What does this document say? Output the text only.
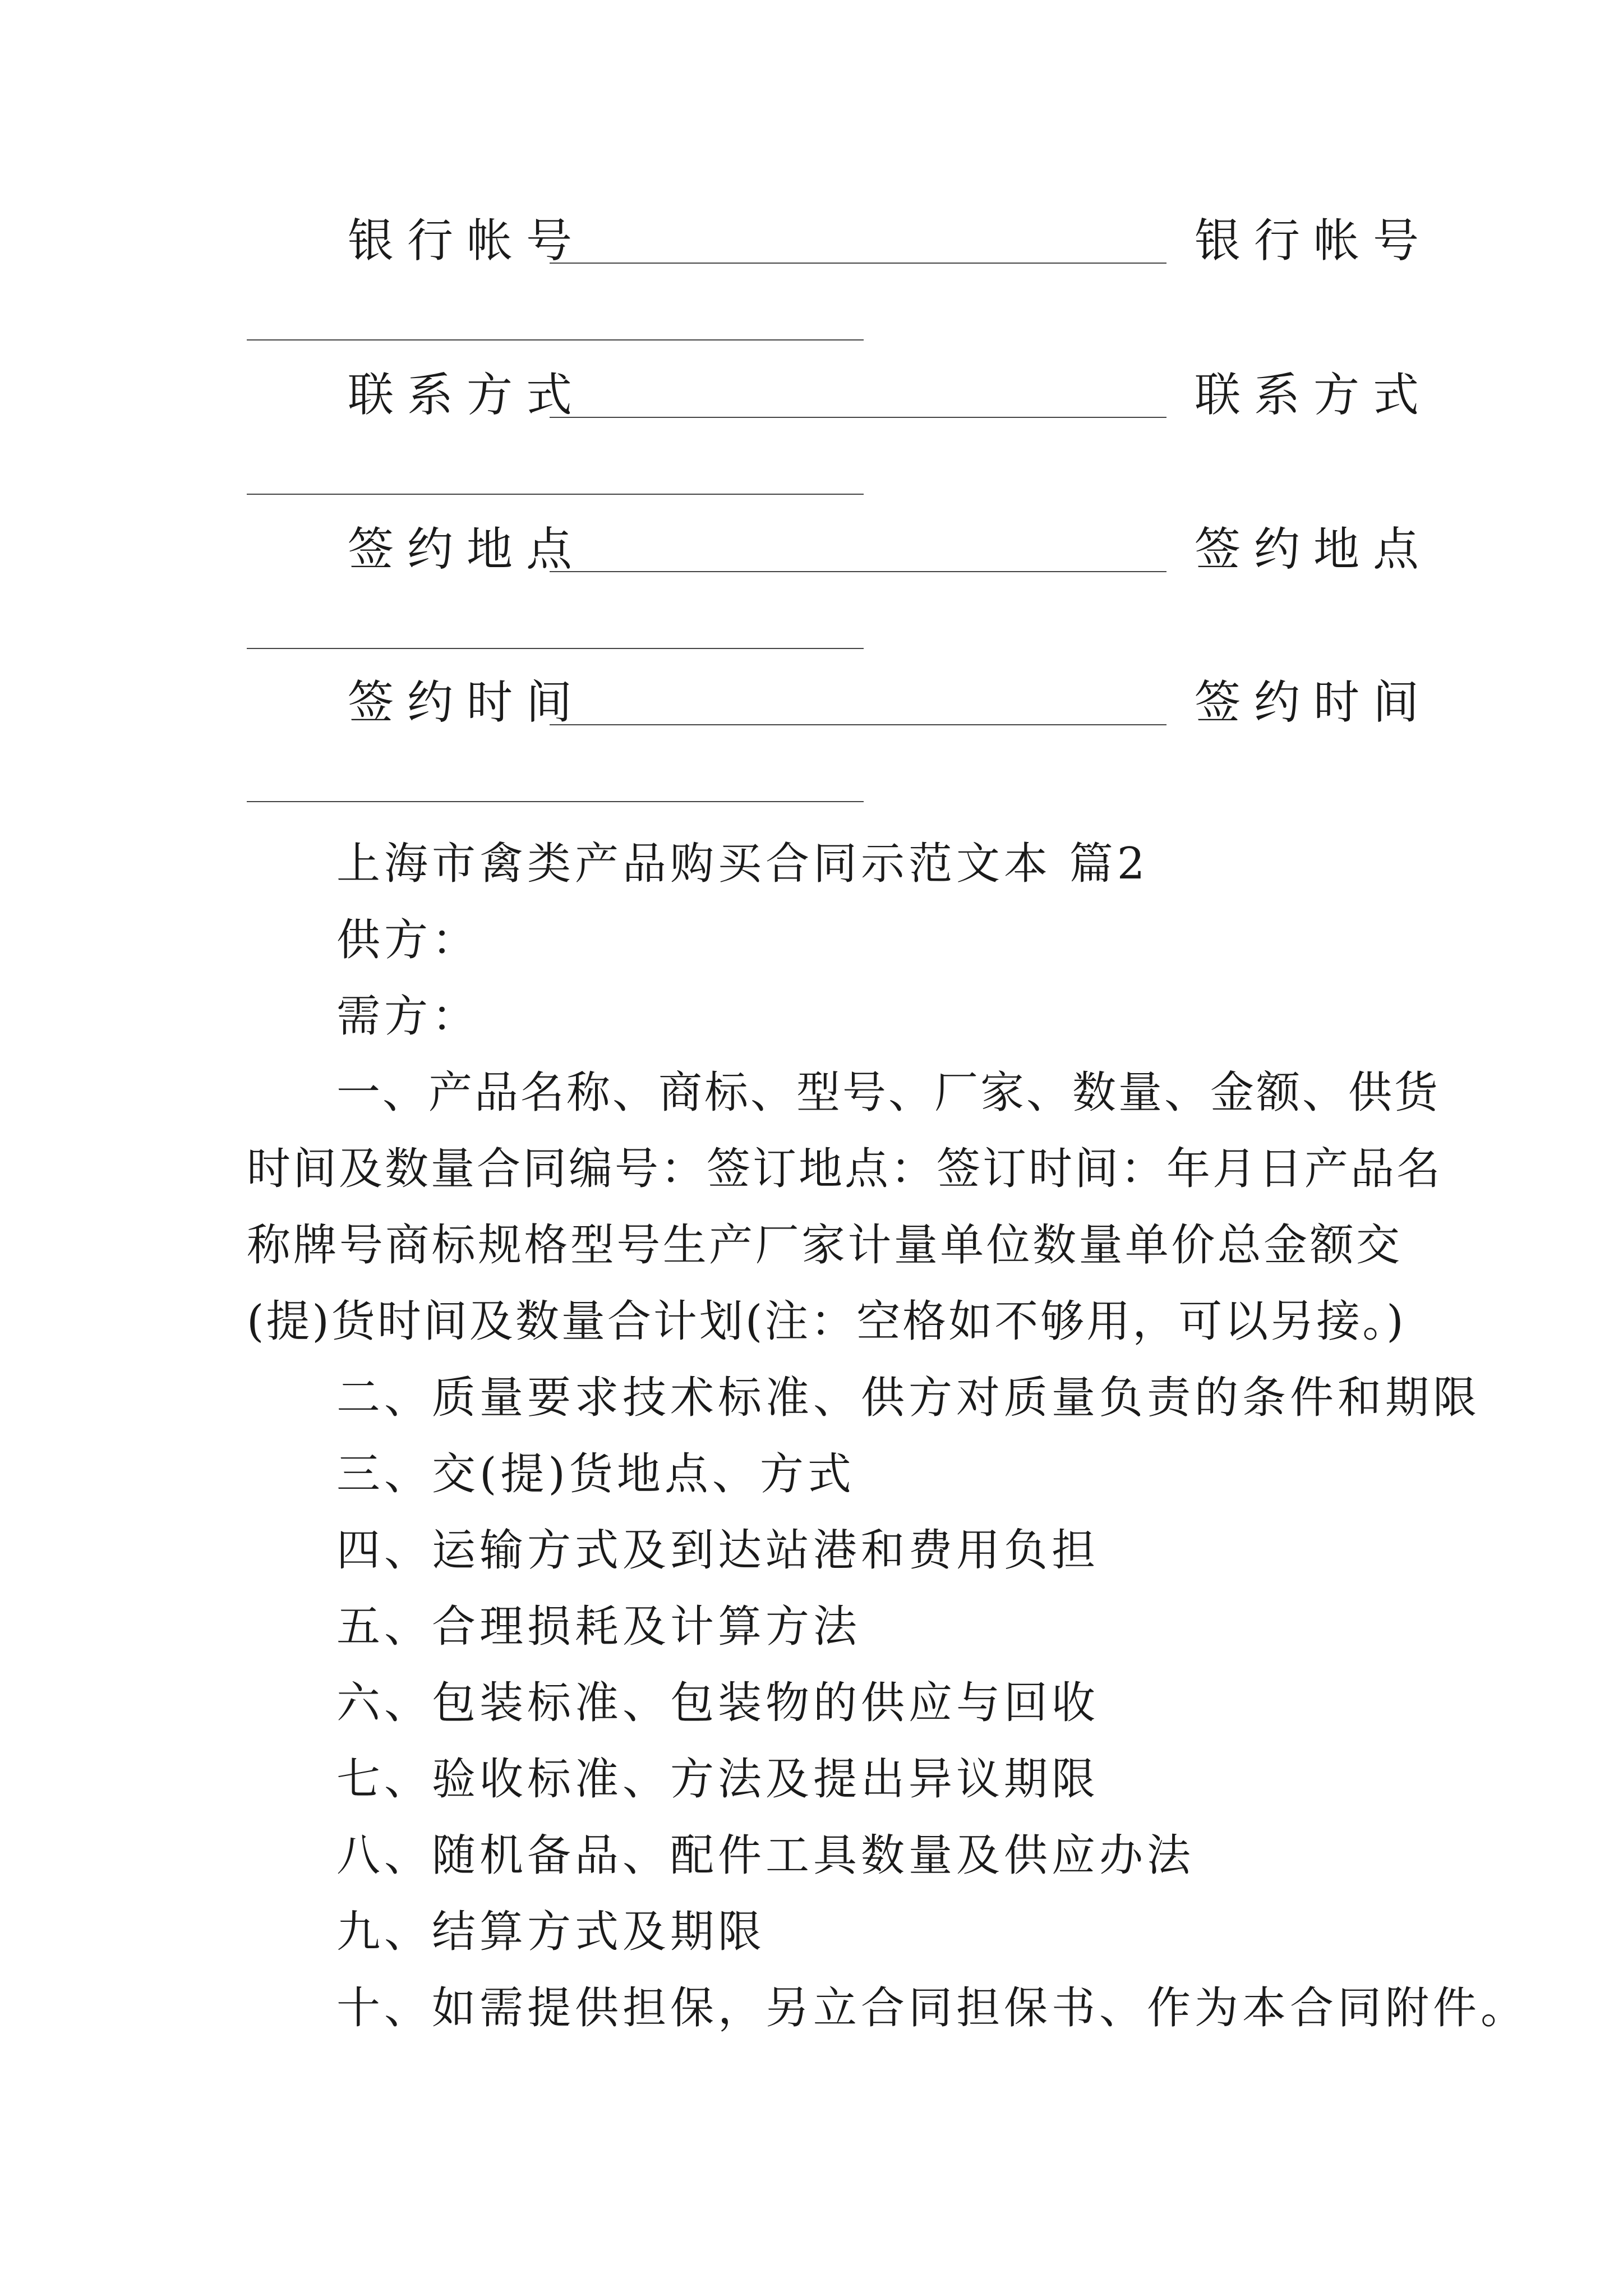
银行帐号	银行帐号
联系方式	联系方式
签约地点	签约地点
签约时间	签约时间
上海市禽类产品购买合同示范文本 篇2
供方：
需方：
一、产品名称、商标、型号、厂家、数量、金额、供货
时间及数量合同编号：签订地点：签订时间：年月日产品名
称牌号商标规格型号生产厂家计量单位数量单价总金额交
(提)货时间及数量合计划(注：空格如不够用，可以另接。)
二、质量要求技术标准、供方对质量负责的条件和期限
三、交(提)货地点、方式
四、运输方式及到达站港和费用负担
五、合理损耗及计算方法
六、包装标准、包装物的供应与回收
七、验收标准、方法及提出异议期限
八、随机备品、配件工具数量及供应办法
九、结算方式及期限
十、如需提供担保，另立合同担保书、作为本合同附件。
